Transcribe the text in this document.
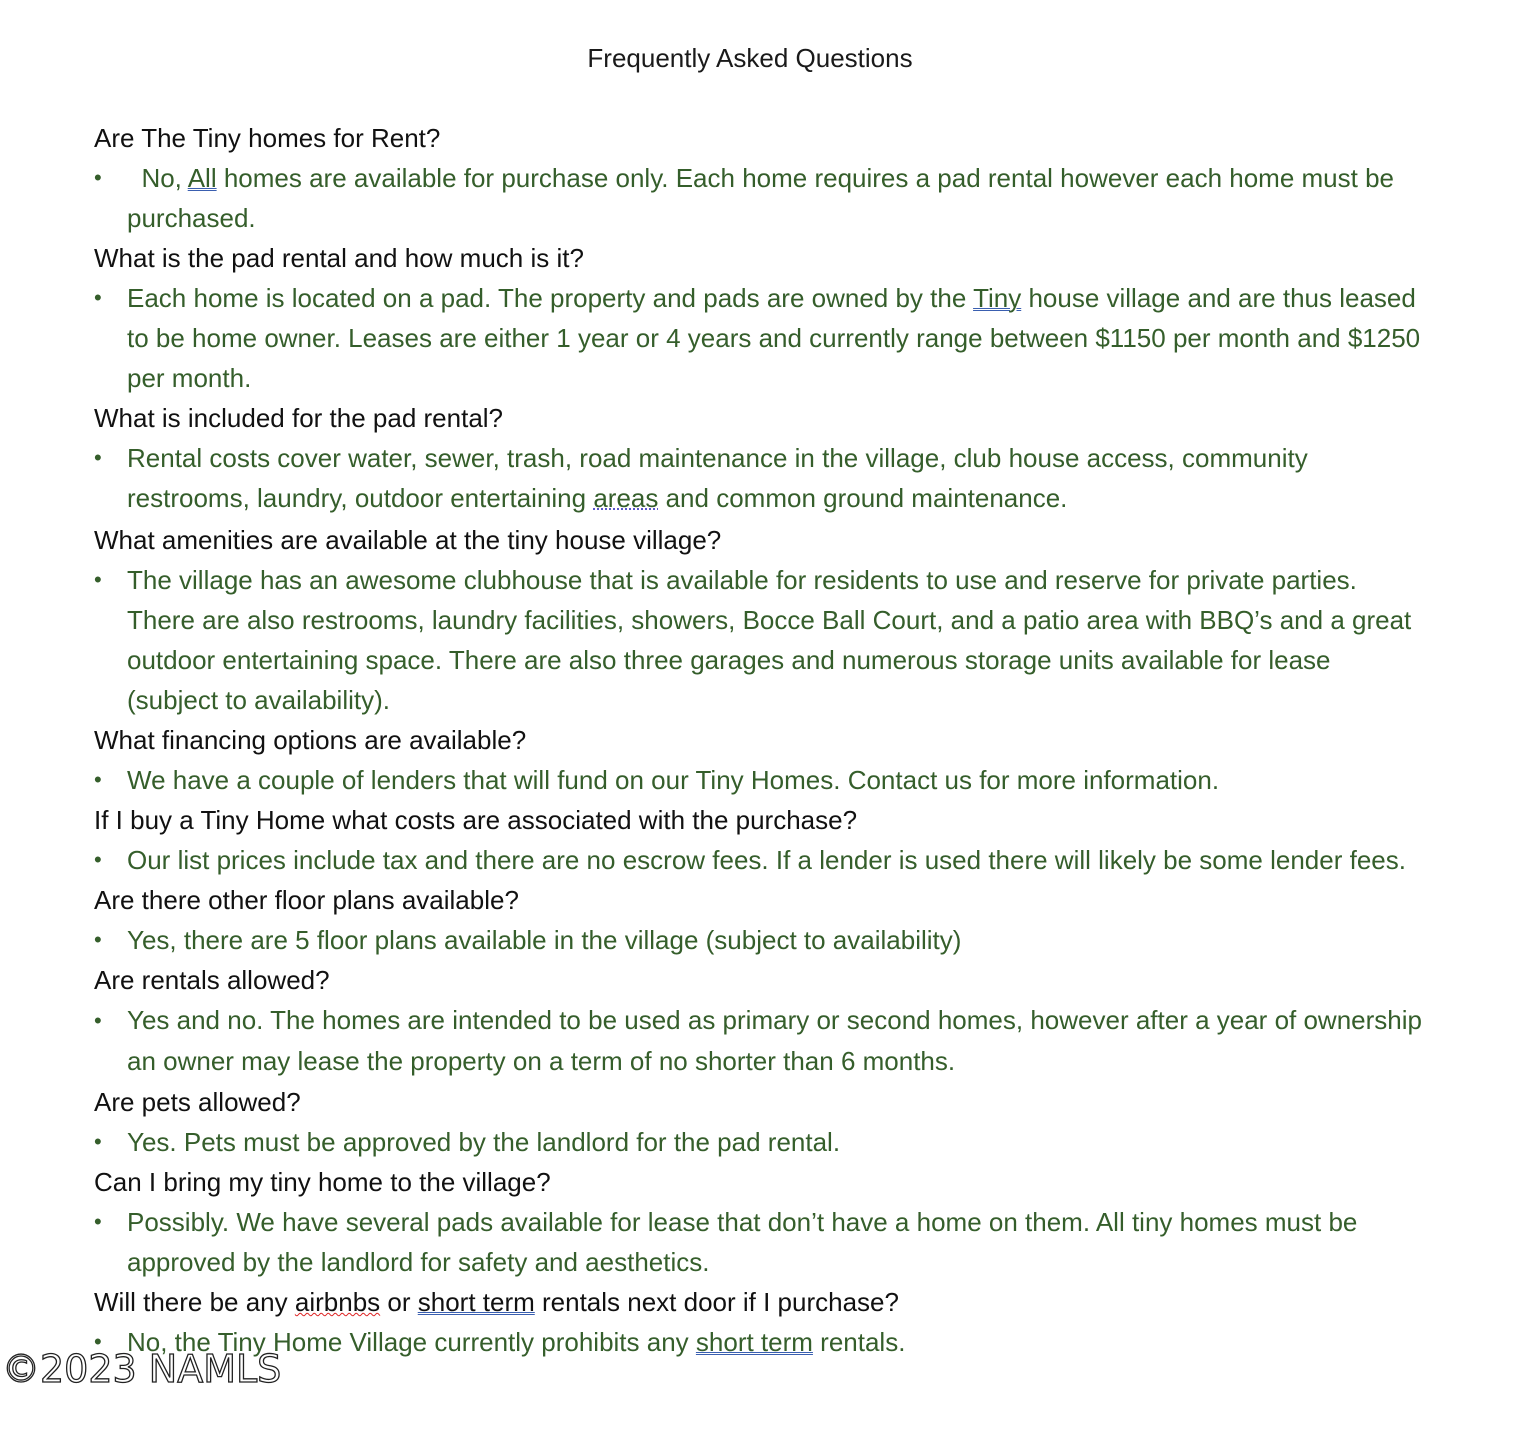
Frequently Asked Questions
Are The Tiny homes for Rent?
• No, All homes are available for purchase only. Each home requires a pad rental however each home must be purchased.
What is the pad rental and how much is it?
• Each home is located on a pad. The property and pads are owned by the Tiny house village and are thus leased to be home owner. Leases are either 1 year or 4 years and currently range between $1150 per month and $1250 per month.
What is included for the pad rental?
• Rental costs cover water, sewer, trash, road maintenance in the village, club house access, community restrooms, laundry, outdoor entertaining areas and common ground maintenance.
What amenities are available at the tiny house village?
• The village has an awesome clubhouse that is available for residents to use and reserve for private parties. There are also restrooms, laundry facilities, showers, Bocce Ball Court, and a patio area with BBQ’s and a great outdoor entertaining space. There are also three garages and numerous storage units available for lease (subject to availability).
What financing options are available?
• We have a couple of lenders that will fund on our Tiny Homes. Contact us for more information.
If I buy a Tiny Home what costs are associated with the purchase?
• Our list prices include tax and there are no escrow fees. If a lender is used there will likely be some lender fees.
Are there other floor plans available?
• Yes, there are 5 floor plans available in the village (subject to availability)
Are rentals allowed?
• Yes and no. The homes are intended to be used as primary or second homes, however after a year of ownership an owner may lease the property on a term of no shorter than 6 months.
Are pets allowed?
• Yes. Pets must be approved by the landlord for the pad rental.
Can I bring my tiny home to the village?
• Possibly. We have several pads available for lease that don’t have a home on them. All tiny homes must be approved by the landlord for safety and aesthetics.
Will there be any airbnbs or short term rentals next door if I purchase?
• No, the Tiny Home Village currently prohibits any short term rentals.
©2023 NAMLS
